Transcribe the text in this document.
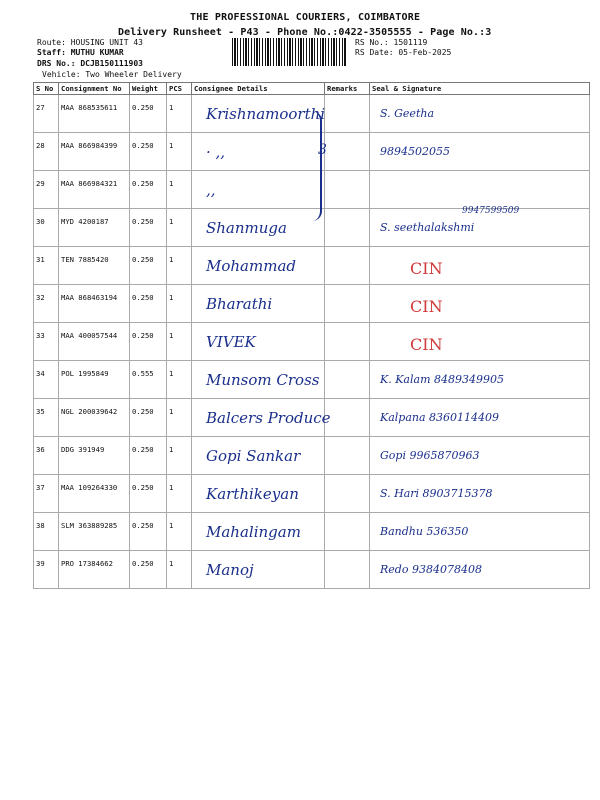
THE PROFESSIONAL COURIERS, COIMBATORE
Delivery Runsheet - P43 - Phone No.:0422-3505555 - Page No.:3
Route: HOUSING UNIT 43
Staff: MUTHU KUMAR
DRS No.: DCJB150111903
Vehicle: Two Wheeler Delivery
RS No.: 1501119
RS Date: 05-Feb-2025
S No	Consignment No	Weight	PCS	Consignee Details	Remarks	Seal & Signature
27	MAA 868535611	0.250	1	Krishnamoorthi		S. Geetha

28	MAA 866984399	0.250	1	· ,,		9894502055

29	MAA 866984321	0.250	1	,,		

30	MYD 4200187	0.250	1	Shanmuga		S. seethalakshmi

31	TEN 7885420	0.250	1	Mohammad		CIN

32	MAA 868463194	0.250	1	Bharathi		CIN

33	MAA 400057544	0.250	1	VIVEK		CIN

34	POL 1995849	0.555	1	Munsom Cross		K. Kalam 8489349905

35	NGL 200039642	0.250	1	Balcers Produce		Kalpana 8360114409

36	DDG 391949	0.250	1	Gopi Sankar		Gopi 9965870963

37	MAA 109264330	0.250	1	Karthikeyan		S. Hari 8903715378

38	SLM 363889285	0.250	1	Mahalingam		Bandhu 536350

39	PRO 17384662	0.250	1	Manoj		Redo 9384078408
3
9947599509
